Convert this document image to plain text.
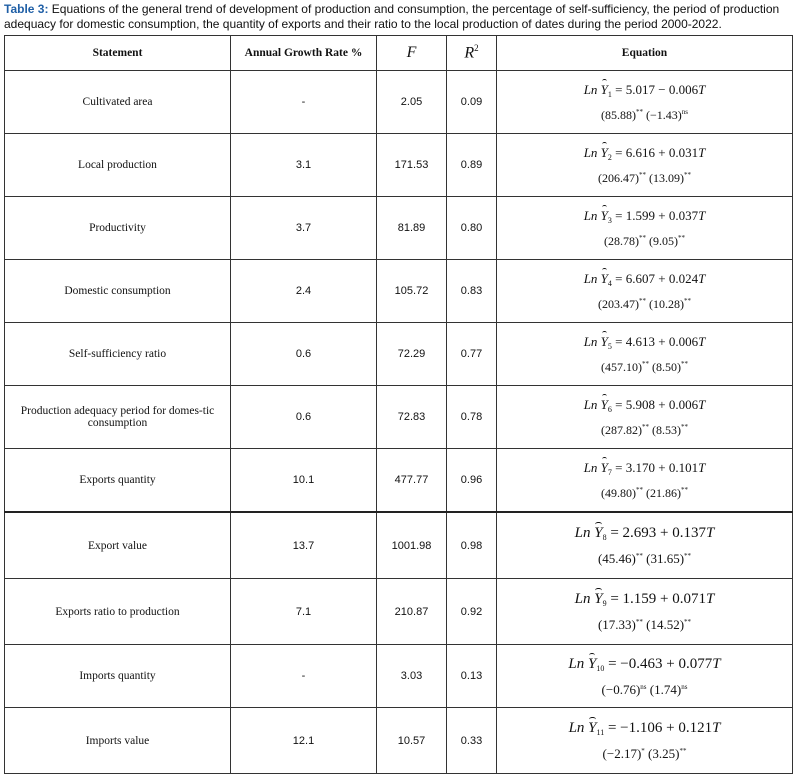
Table 3: Equations of the general trend of development of production and consumption, the percentage of self-sufficiency, the period of production adequacy for domestic consumption, the quantity of exports and their ratio to the local production of dates during the period 2000-2022.
Statement	Annual Growth Rate %	F	$R^2$	Equation
Cultivated area	-	2.05	0.09	Ln $Y_1 = 5.017 - 0.006T$
(85.88)** $(-1.43)^{ns}$

Local production	3.1	171.53	0.89	Ln $Y_2 = 6.616 + 0.031T$
(206.47)** (13.09)**

Productivity	3.7	81.89	0.80	Ln $Y_3 = 1.599 + 0.037T$
(28.78)** (9.05)**

Domestic consumption	2.4	105.72	0.83	Ln $Y_4 = 6.607 + 0.024T$
(203.47)** (10.28)**

Self-sufficiency ratio	0.6	72.29	0.77	Ln $Y_5 = 4.613 + 0.006T$
(457.10)** (8.50)**

Production adequacy period for domes-tic consumption	0.6	72.83	0.78	Ln $Y_6 = 5.908 + 0.006T$
(287.82)** (8.53)**

Exports quantity	10.1	477.77	0.96	Ln $Y_7 = 3.170 + 0.101T$
(49.80)** (21.86)**

Export value	13.7	1001.98	0.98	Ln $Y_8 = 2.693 + 0.137T$
(45.46)** (31.65)**

Exports ratio to production	7.1	210.87	0.92	Ln $Y_9 = 1.159 + 0.071T$
(17.33)** (14.52)**

Imports quantity	-	3.03	0.13	Ln $Y_{10} = -0.463 + 0.077T$
$(-0.76)^{ns}$ $(1.74)^{ns}$

Imports value	12.1	10.57	0.33	Ln $Y_{11} = -1.106 + 0.121T$
(−2.17)* (3.25)**
